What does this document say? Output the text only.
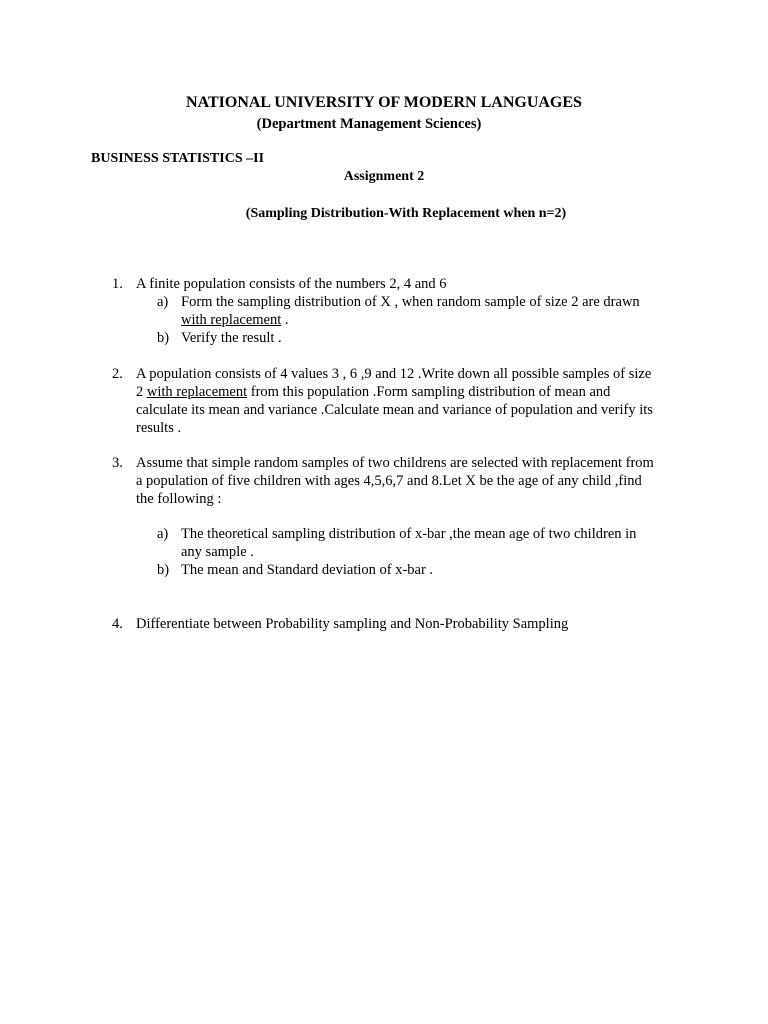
NATIONAL UNIVERSITY OF MODERN LANGUAGES
(Department Management Sciences)
BUSINESS STATISTICS –II
Assignment 2
(Sampling Distribution-With Replacement when n=2)
1. A finite population consists of the numbers 2, 4 and 6
a) Form the sampling distribution of X , when random sample of size 2 are drawn
with replacement .
b) Verify the result .
2. A population consists of 4 values 3 , 6 ,9 and 12 .Write down all possible samples of size
2 with replacement from this population .Form sampling distribution of mean and
calculate its mean and variance .Calculate mean and variance of population and verify its
results .
3. Assume that simple random samples of two childrens are selected with replacement from
a population of five children with ages 4,5,6,7 and 8.Let X be the age of any child ,find
the following :
a) The theoretical sampling distribution of x-bar ,the mean age of two children in
any sample .
b) The mean and Standard deviation of x-bar .
4. Differentiate between Probability sampling and Non-Probability Sampling
